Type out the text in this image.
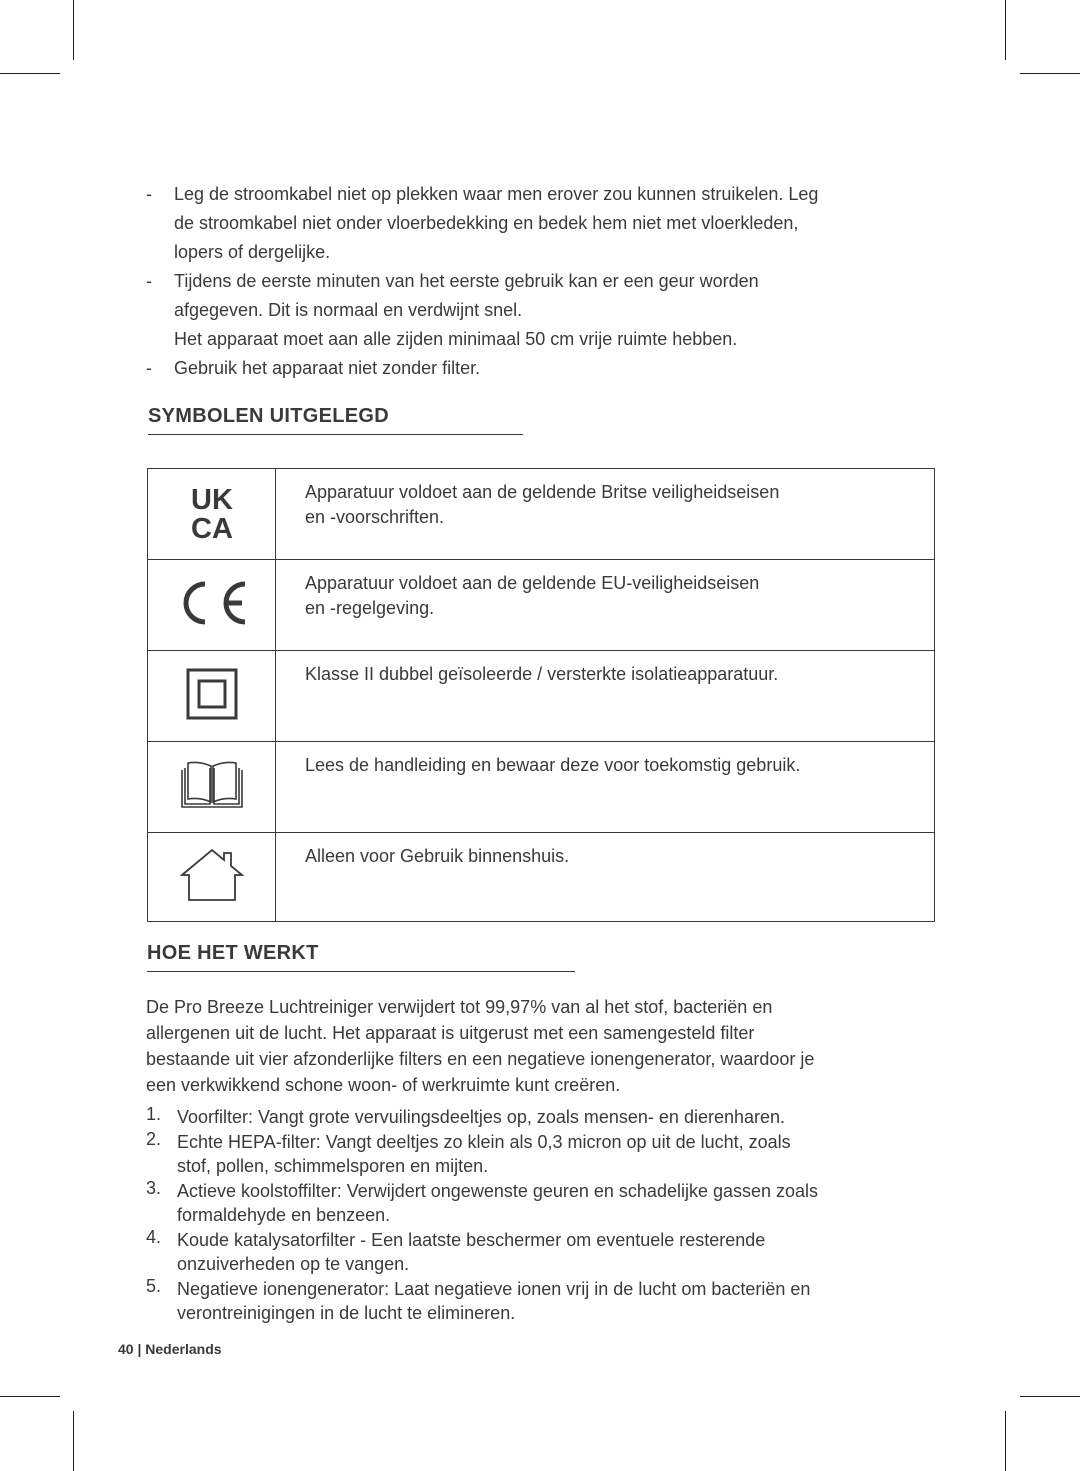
- Leg de stroomkabel niet op plekken waar men erover zou kunnen struikelen. Leg
de stroomkabel niet onder vloerbedekking en bedek hem niet met vloerkleden,
lopers of dergelijke.
- Tijdens de eerste minuten van het eerste gebruik kan er een geur worden
afgegeven. Dit is normaal en verdwijnt snel.
Het apparaat moet aan alle zijden minimaal 50 cm vrije ruimte hebben.
- Gebruik het apparaat niet zonder filter.
SYMBOLEN UITGELEGD
UK
CA	Apparatuur voldoet aan de geldende Britse veiligheidseisen
en -voorschriften.

Apparatuur voldoet aan de geldende EU-veiligheidseisen
en -regelgeving.

Klasse II dubbel geïsoleerde / versterkte isolatieapparatuur.

Lees de handleiding en bewaar deze voor toekomstig gebruik.

Alleen voor Gebruik binnenshuis.
HOE HET WERKT
De Pro Breeze Luchtreiniger verwijdert tot 99,97% van al het stof, bacteriën en
allergenen uit de lucht. Het apparaat is uitgerust met een samengesteld filter
bestaande uit vier afzonderlijke filters en een negatieve ionengenerator, waardoor je
een verkwikkend schone woon- of werkruimte kunt creëren.
1. Voorfilter: Vangt grote vervuilingsdeeltjes op, zoals mensen- en dierenharen.
2. Echte HEPA-filter: Vangt deeltjes zo klein als 0,3 micron op uit de lucht, zoals
stof, pollen, schimmelsporen en mijten.
3. Actieve koolstoffilter: Verwijdert ongewenste geuren en schadelijke gassen zoals
formaldehyde en benzeen.
4. Koude katalysatorfilter - Een laatste beschermer om eventuele resterende
onzuiverheden op te vangen.
5. Negatieve ionengenerator: Laat negatieve ionen vrij in de lucht om bacteriën en
verontreinigingen in de lucht te elimineren.
40 | Nederlands
